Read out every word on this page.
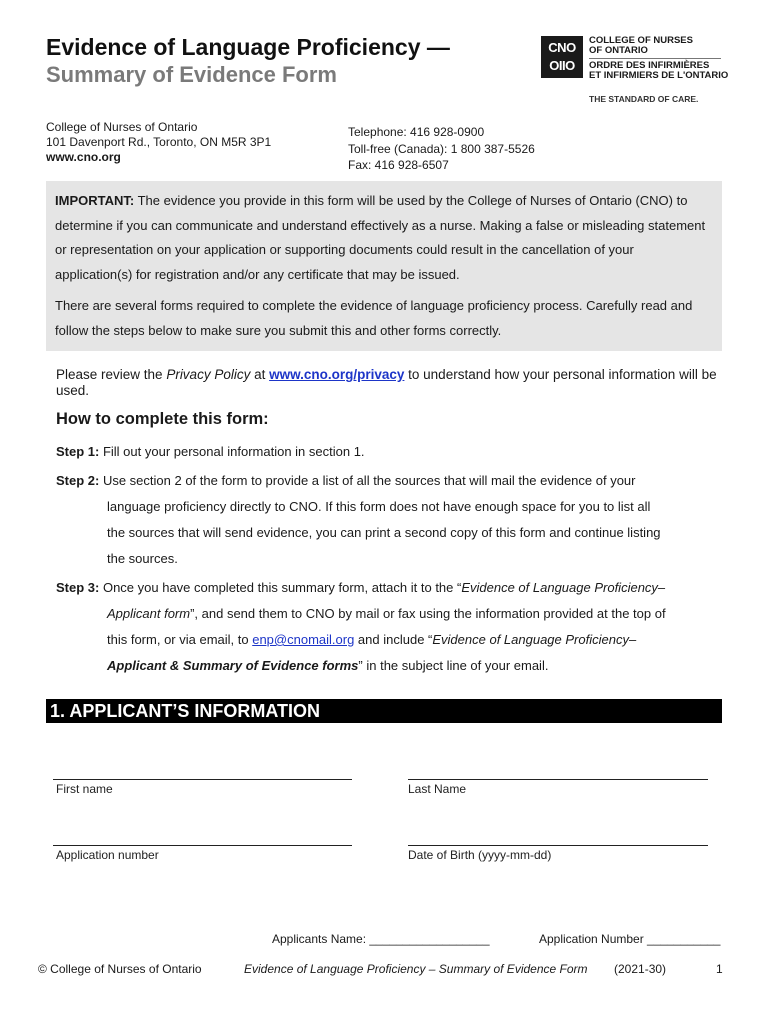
Evidence of Language Proficiency —
Summary of Evidence Form
CNO
OIIO
COLLEGE OF NURSES
OF ONTARIO
ORDRE DES INFIRMIÈRES
ET INFIRMIERS DE L'ONTARIO
THE STANDARD OF CARE.
College of Nurses of Ontario
101 Davenport Rd., Toronto, ON M5R 3P1
www.cno.org
Telephone: 416 928-0900
Toll-free (Canada): 1 800 387-5526
Fax: 416 928-6507

IMPORTANT: The evidence you provide in this form will be used by the College of Nurses of Ontario (CNO) to determine if you can communicate and understand effectively as a nurse. Making a false or misleading statement or representation on your application or supporting documents could result in the cancellation of your application(s) for registration and/or any certificate that may be issued.

There are several forms required to complete the evidence of language proficiency process. Carefully read and follow the steps below to make sure you submit this and other forms correctly.

Please review the Privacy Policy at www.cno.org/privacy to understand how your personal information will be used.
How to complete this form:
Step 1: Fill out your personal information in section 1.
Step 2: Use section 2 of the form to provide a list of all the sources that will mail the evidence of your
language proficiency directly to CNO. If this form does not have enough space for you to list all
the sources that will send evidence, you can print a second copy of this form and continue listing
the sources.
Step 3: Once you have completed this summary form, attach it to the “Evidence of Language Proficiency–
Applicant form”, and send them to CNO by mail or fax using the information provided at the top of
this form, or via email, to enp@cnomail.org and include “Evidence of Language Proficiency–
Applicant & Summary of Evidence forms” in the subject line of your email.
1. APPLICANT’S INFORMATION
First name	Last Name
Application number	Date of Birth (yyyy-mm-dd)
Applicants Name: __________________	Application Number ___________
© College of Nurses of Ontario	Evidence of Language Proficiency – Summary of Evidence Form (2021-30)	1
